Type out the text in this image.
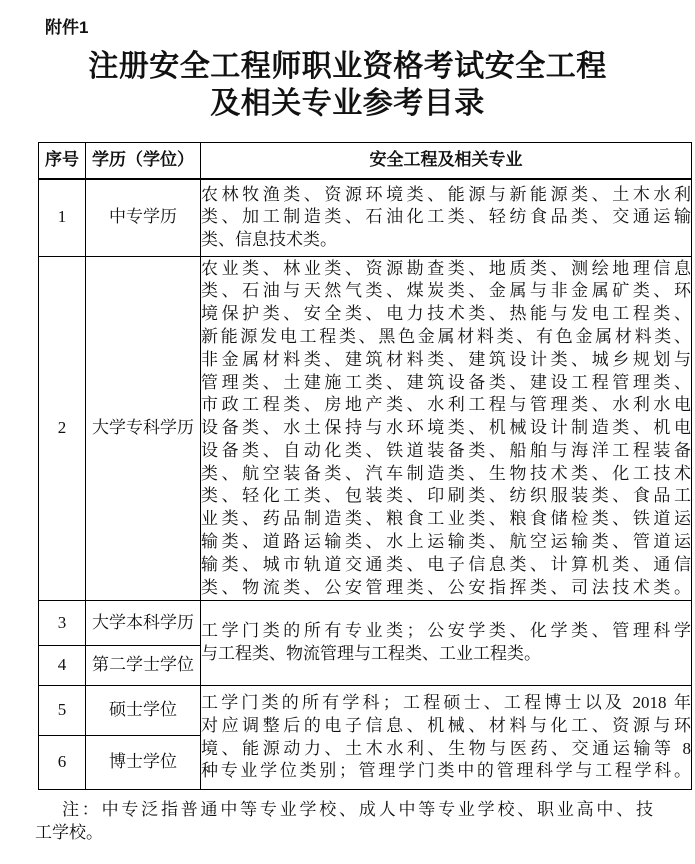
附件1
注册安全工程师职业资格考试安全工程
及相关专业参考目录
序号	学历（学位）	安全工程及相关专业
1	中专学历	农林牧渔类、资源环境类、能源与新能源类、土木水利
类、加工制造类、石油化工类、轻纺食品类、交通运输
类、信息技术类。

2	大学专科学历	
农业类、林业类、资源勘查类、地质类、测绘地理信息
类、石油与天然气类、煤炭类、金属与非金属矿类、环
境保护类、安全类、电力技术类、热能与发电工程类、
新能源发电工程类、黑色金属材料类、有色金属材料类、
非金属材料类、建筑材料类、建筑设计类、城乡规划与
管理类、土建施工类、建筑设备类、建设工程管理类、
市政工程类、房地产类、水利工程与管理类、水利水电
设备类、水土保持与水环境类、机械设计制造类、机电
设备类、自动化类、铁道装备类、船舶与海洋工程装备
类、航空装备类、汽车制造类、生物技术类、化工技术
类、轻化工类、包装类、印刷类、纺织服装类、食品工
业类、药品制造类、粮食工业类、粮食储检类、铁道运
输类、道路运输类、水上运输类、航空运输类、管道运
输类、城市轨道交通类、电子信息类、计算机类、通信
类、物流类、公安管理类、公安指挥类、司法技术类。

3	大学本科学历	工学门类的所有专业类；公安学类、化学类、管理科学
与工程类、物流管理与工程类、工业工程类。

4	第二学士学位	
5	硕士学位	工学门类的所有学科；工程硕士、工程博士以及 2018 年
对应调整后的电子信息、机械、材料与化工、资源与环
境、能源动力、土木水利、生物与医药、交通运输等 8
种专业学位类别；管理学门类中的管理科学与工程学科。

6	博士学位	
注：中专泛指普通中等专业学校、成人中等专业学校、职业高中、技
工学校。
